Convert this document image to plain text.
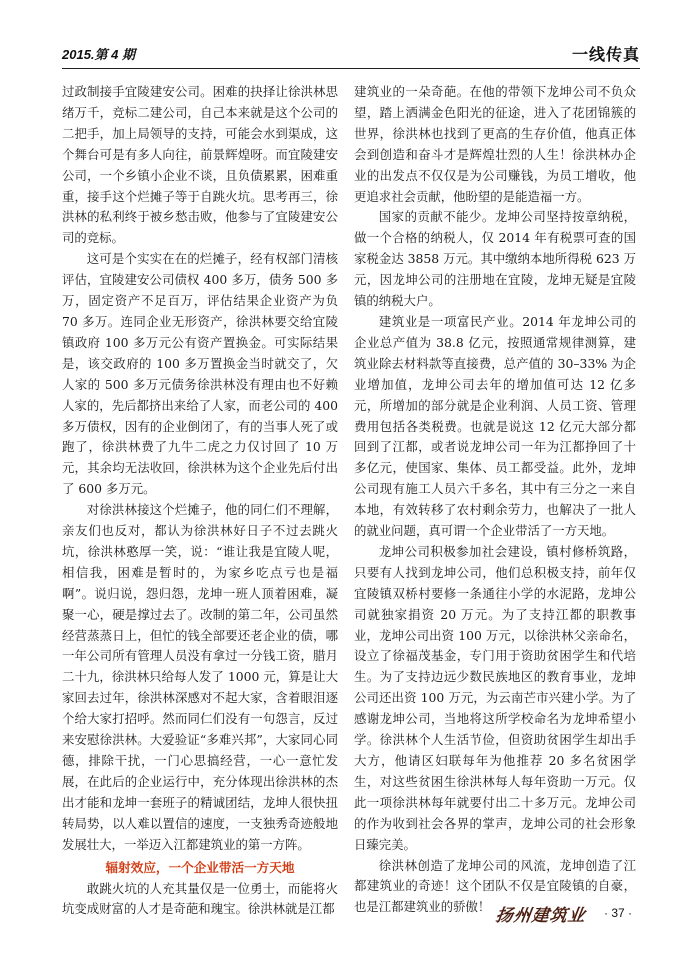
2015.第 4 期	一线传真

过政制接手宜陵建安公司。困难的抉择让徐洪林思绪万千，竞标二建公司，自己本来就是这个公司的二把手，加上局领导的支持，可能会水到渠成，这个舞台可是有多人向往，前景辉煌呀。而宜陵建安公司，一个乡镇小企业不谈，且负债累累，困难重重，接手这个烂摊子等于自跳火坑。思考再三，徐洪林的私利终于被乡愁击败，他参与了宜陵建安公司的竞标。

这可是个实实在在的烂摊子，经有权部门清核评估，宜陵建安公司债权 400 多万，债务 500 多万，固定资产不足百万，评估结果企业资产为负 70 多万。连同企业无形资产，徐洪林要交给宜陵镇政府 100 多万元公有资产置换金。可实际结果是，该交政府的 100 多万置换金当时就交了，欠人家的 500 多万元债务徐洪林没有理由也不好赖人家的，先后都挤出来给了人家，而老公司的 400 多万债权，因有的企业倒闭了，有的当事人死了或跑了，徐洪林费了九牛二虎之力仅讨回了 10 万元，其余均无法收回，徐洪林为这个企业先后付出了 600 多万元。

对徐洪林接这个烂摊子，他的同仁们不理解，亲友们也反对，都认为徐洪林好日子不过去跳火坑，徐洪林憨厚一笑，说：“谁让我是宜陵人呢，相信我，困难是暂时的，为家乡吃点亏也是福啊”。说归说，怨归怨，龙坤一班人顶着困难，凝聚一心，硬是撑过去了。改制的第二年，公司虽然经营蒸蒸日上，但忙的钱全部要还老企业的债，哪一年公司所有管理人员没有拿过一分钱工资，腊月二十九，徐洪林只给每人发了 1000 元，算是让大家回去过年，徐洪林深感对不起大家，含着眼泪逐个给大家打招呼。然而同仁们没有一句怨言，反过来安慰徐洪林。大爱验证“多难兴邦”，大家同心同德，排除干扰，一门心思搞经营，一心一意忙发展，在此后的企业运行中，充分体现出徐洪林的杰出才能和龙坤一套班子的精诚团结，龙坤人很快扭转局势，以人难以置信的速度，一支独秀奇迹般地发展壮大，一举迈入江都建筑业的第一方阵。

辐射效应，一个企业带活一方天地

敢跳火坑的人充其量仅是一位勇士，而能将火坑变成财富的人才是奇葩和瑰宝。徐洪林就是江都

建筑业的一朵奇葩。在他的带领下龙坤公司不负众望，踏上洒满金色阳光的征途，进入了花团锦簇的世界，徐洪林也找到了更高的生存价值，他真正体会到创造和奋斗才是辉煌壮烈的人生！徐洪林办企业的出发点不仅仅是为公司赚钱，为员工增收，他更追求社会贡献，他盼望的是能造福一方。

国家的贡献不能少。龙坤公司坚持按章纳税，做一个合格的纳税人，仅 2014 年有税票可查的国家税金达 3858 万元。其中缴纳本地所得税 623 万元，因龙坤公司的注册地在宜陵，龙坤无疑是宜陵镇的纳税大户。

建筑业是一项富民产业。2014 年龙坤公司的企业总产值为 38.8 亿元，按照通常规律测算，建筑业除去材料款等直接费，总产值的 30–33% 为企业增加值，龙坤公司去年的增加值可达 12 亿多元，所增加的部分就是企业利润、人员工资、管理费用包括各类税费。也就是说这 12 亿元大部分都回到了江都，或者说龙坤公司一年为江都挣回了十多亿元，使国家、集体、员工都受益。此外，龙坤公司现有施工人员六千多名，其中有三分之一来自本地，有效转移了农村剩余劳力，也解决了一批人的就业问题，真可谓一个企业带活了一方天地。

龙坤公司积极参加社会建设，镇村修桥筑路，只要有人找到龙坤公司，他们总积极支持，前年仅宜陵镇双桥村要修一条通往小学的水泥路，龙坤公司就独家捐资 20 万元。为了支持江都的职教事业，龙坤公司出资 100 万元，以徐洪林父亲命名，设立了徐福茂基金，专门用于资助贫困学生和代培生。为了支持边远少数民族地区的教育事业，龙坤公司还出资 100 万元，为云南芒市兴建小学。为了感谢龙坤公司，当地将这所学校命名为龙坤希望小学。徐洪林个人生活节俭，但资助贫困学生却出手大方，他请区妇联每年为他推荐 20 多名贫困学生，对这些贫困生徐洪林每人每年资助一万元。仅此一项徐洪林每年就要付出二十多万元。龙坤公司的作为收到社会各界的掌声，龙坤公司的社会形象日臻完美。

徐洪林创造了龙坤公司的风流，龙坤创造了江都建筑业的奇迹！这个团队不仅是宜陵镇的自豪，也是江都建筑业的骄傲！ 扬州建筑业 · 37 ·
